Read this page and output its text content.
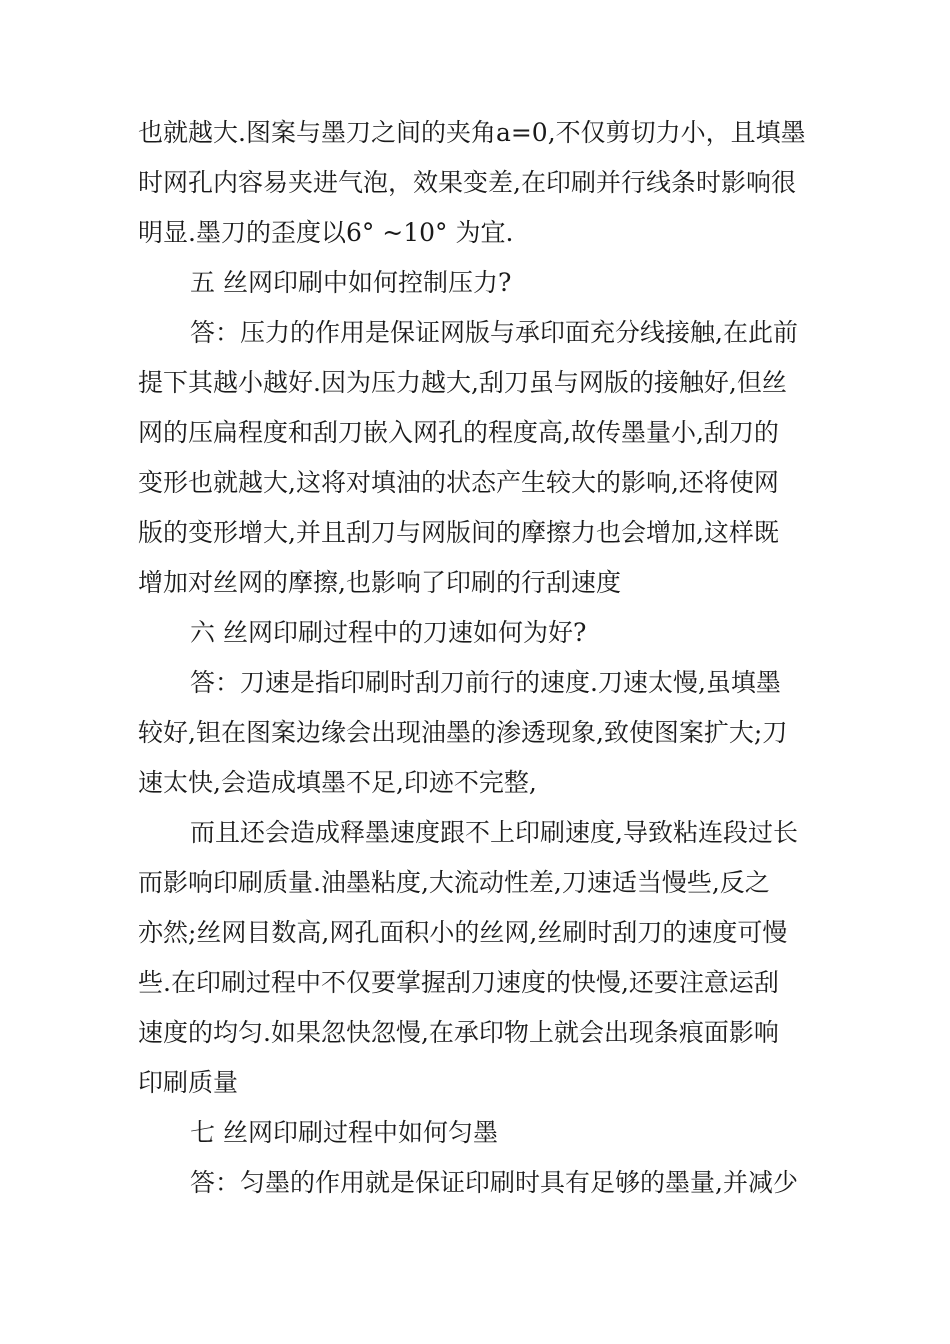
也就越大.图案与墨刀之间的夹角a=0,不仅剪切力小，且填墨
时网孔内容易夹进气泡，效果变差,在印刷并行线条时影响很
明显.墨刀的歪度以6° ~10° 为宜.
五 丝网印刷中如何控制压力?
答：压力的作用是保证网版与承印面充分线接触,在此前
提下其越小越好.因为压力越大,刮刀虽与网版的接触好,但丝
网的压扁程度和刮刀嵌入网孔的程度高,故传墨量小,刮刀的
变形也就越大,这将对填油的状态产生较大的影响,还将使网
版的变形增大,并且刮刀与网版间的摩擦力也会增加,这样既
增加对丝网的摩擦,也影响了印刷的行刮速度
六 丝网印刷过程中的刀速如何为好?
答：刀速是指印刷时刮刀前行的速度.刀速太慢,虽填墨
较好,钽在图案边缘会出现油墨的渗透现象,致使图案扩大;刀
速太快,会造成填墨不足,印迹不完整,
而且还会造成释墨速度跟不上印刷速度,导致粘连段过长
而影响印刷质量.油墨粘度,大流动性差,刀速适当慢些,反之
亦然;丝网目数高,网孔面积小的丝网,丝刷时刮刀的速度可慢
些.在印刷过程中不仅要掌握刮刀速度的快慢,还要注意运刮
速度的均匀.如果忽快忽慢,在承印物上就会出现条痕面影响
印刷质量
七 丝网印刷过程中如何匀墨
答：匀墨的作用就是保证印刷时具有足够的墨量,并减少
